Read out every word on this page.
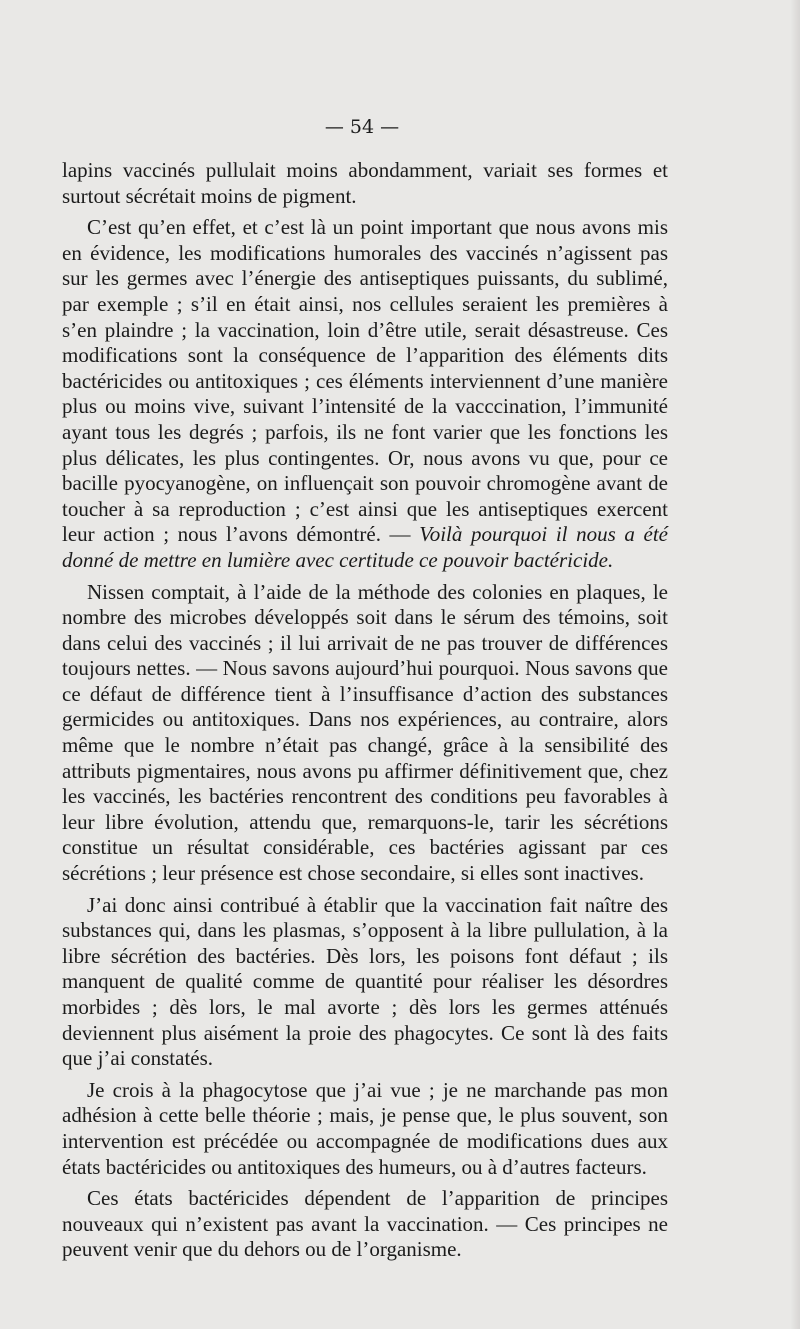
— 54 —

lapins vaccinés pullulait moins abondamment, variait ses formes et surtout sécrétait moins de pigment.

C’est qu’en effet, et c’est là un point important que nous avons mis en évidence, les modifications humorales des vaccinés n’agissent pas sur les germes avec l’énergie des antiseptiques puissants, du sublimé, par exemple ; s’il en était ainsi, nos cellules seraient les premières à s’en plaindre ; la vaccination, loin d’être utile, serait désastreuse. Ces modifications sont la conséquence de l’apparition des éléments dits bactéricides ou antitoxiques ; ces éléments interviennent d’une manière plus ou moins vive, suivant l’intensité de la vacccination, l’immunité ayant tous les degrés ; parfois, ils ne font varier que les fonctions les plus délicates, les plus contingentes. Or, nous avons vu que, pour ce bacille pyocyanogène, on influençait son pouvoir chromogène avant de toucher à sa reproduction ; c’est ainsi que les antiseptiques exercent leur action ; nous l’avons démontré. — Voilà pourquoi il nous a été donné de mettre en lumière avec certitude ce pouvoir bactéricide.

Nissen comptait, à l’aide de la méthode des colonies en plaques, le nombre des microbes développés soit dans le sérum des témoins, soit dans celui des vaccinés ; il lui arrivait de ne pas trouver de différences toujours nettes. — Nous savons aujourd’hui pourquoi. Nous savons que ce défaut de différence tient à l’insuffisance d’action des substances germicides ou antitoxiques. Dans nos expériences, au contraire, alors même que le nombre n’était pas changé, grâce à la sensibilité des attributs pigmentaires, nous avons pu affirmer définitivement que, chez les vaccinés, les bactéries rencontrent des conditions peu favorables à leur libre évolution, attendu que, remarquons-le, tarir les sécrétions constitue un résultat considérable, ces bactéries agissant par ces sécrétions ; leur présence est chose secondaire, si elles sont inactives.

J’ai donc ainsi contribué à établir que la vaccination fait naître des substances qui, dans les plasmas, s’opposent à la libre pullulation, à la libre sécrétion des bactéries. Dès lors, les poisons font défaut ; ils manquent de qualité comme de quantité pour réaliser les désordres morbides ; dès lors, le mal avorte ; dès lors les germes atténués deviennent plus aisément la proie des phagocytes. Ce sont là des faits que j’ai constatés.

Je crois à la phagocytose que j’ai vue ; je ne marchande pas mon adhésion à cette belle théorie ; mais, je pense que, le plus souvent, son intervention est précédée ou accompagnée de modifications dues aux états bactéricides ou antitoxiques des humeurs, ou à d’autres facteurs.

Ces états bactéricides dépendent de l’apparition de principes nouveaux qui n’existent pas avant la vaccination. — Ces principes ne peuvent venir que du dehors ou de l’organisme.
